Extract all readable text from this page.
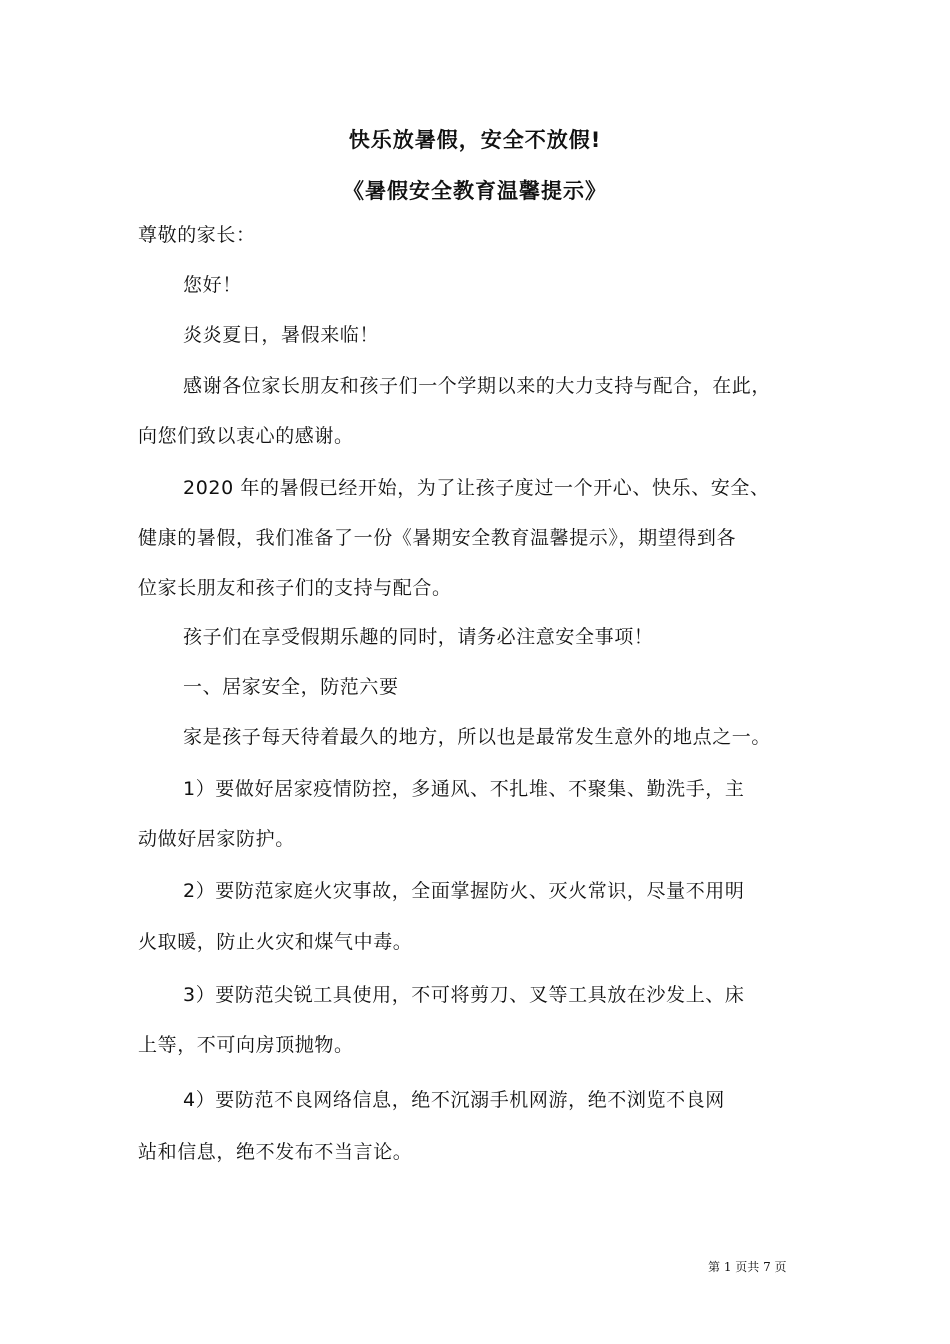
快乐放暑假，安全不放假!
《暑假安全教育温馨提示》
尊敬的家长：
您好！
炎炎夏日，暑假来临！
感谢各位家长朋友和孩子们一个学期以来的大力支持与配合，在此，
向您们致以衷心的感谢。
2020 年的暑假已经开始，为了让孩子度过一个开心、快乐、安全、
健康的暑假，我们准备了一份《暑期安全教育温馨提示》，期望得到各
位家长朋友和孩子们的支持与配合。
孩子们在享受假期乐趣的同时，请务必注意安全事项！
一、居家安全，防范六要
家是孩子每天待着最久的地方，所以也是最常发生意外的地点之一。
1）要做好居家疫情防控，多通风、不扎堆、不聚集、勤洗手，主
动做好居家防护。
2）要防范家庭火灾事故，全面掌握防火、灭火常识，尽量不用明
火取暖，防止火灾和煤气中毒。
3）要防范尖锐工具使用，不可将剪刀、叉等工具放在沙发上、床
上等，不可向房顶抛物。
4）要防范不良网络信息，绝不沉溺手机网游，绝不浏览不良网
站和信息，绝不发布不当言论。
第 1 页共 7 页
